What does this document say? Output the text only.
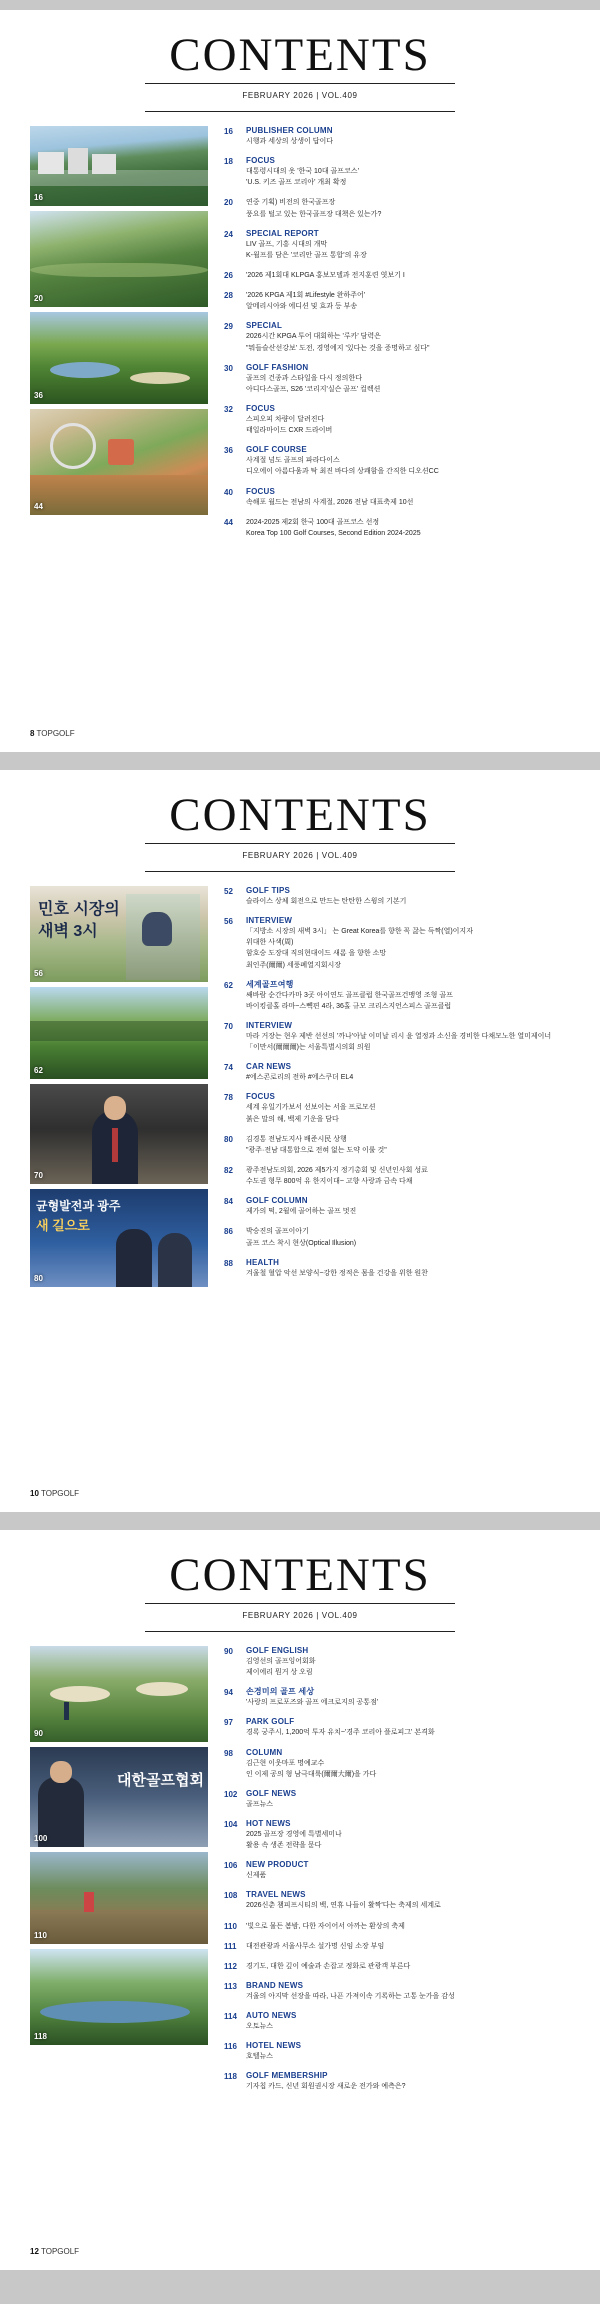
CONTENTS
FEBRUARY 2026 | VOL.409
16
20
36
44
16	PUBLISHER COLUMN
시행과 세상의 상생이 답이다
18	FOCUS
대통령시대의 옷 '한국 10대 골프코스'
'U.S. 키즈 골프 코리아' 개최 확정
20	연중 기획) 비전의 한국골프장
풍요를 털고 있는 한국골프장 대책은 있는가?
24	SPECIAL REPORT
LIV 골프, 기흥 시대의 개막
K-월프를 담은 '코리안 골프 통합'의 유장
26	'2026 제1회대 KLPGA 홍보모델과 전지훈련 엿보기 I
28	'2026 KPGA 제1회 #Lifestyle 완하주어'
알메리시아와 에디션 및 효과 등 부송
29	SPECIAL
2026시간 KPGA 투어 대회하는 '루카' 담력은
"뭐들슬산선강보' 도전, 경영에지 '있다는 것을 증명하고 싶다"
30	GOLF FASHION
골프의 건종과 스타일을 다시 정의한다
아디다스골프, S26 '코리지'실슨 골프' 컬렉션
32	FOCUS
스피오피 차량이 달려진다
태일라마이드 CXR 드라이버
36	GOLF COURSE
사계절 넘도 골프의 파라다이스
디오에이 아름다움과 탁 최진 바다의 상쾌함을 간직한 디오션CC
40	FOCUS
속해포 월드는 전남의 사계절, 2026 전남 대표축제 10선
44	2024-2025 제2회 한국 100대 골프코스 선정
Korea Top 100 Golf Courses, Second Edition 2024-2025
8 TOPGOLF
CONTENTS
FEBRUARY 2026 | VOL.409
민호 시장의
새벽 3시
56
62
70
균형발전과 광주
새 길으로
80
52	GOLF TIPS
슬라이스 상체 회전으로 만드는 탄탄한 스윙의 기본기
56	INTERVIEW
「지방소 시장의 새벽 3시」 는 Great Korea를 향한 꼭 끓는 득짝(열)이지자
위대한 사색(周)
함호승 도장대 직의현대이드 새롬 을 향한 소망
최인주(爾爾) 세풍폐열지회시장
62	세계골프여행
쌔바람 순간다카마 3곳 아이연도 골프클럽 한국골프건맹영 조형 골프
바이킹클홀 라마~스뺵편 4라, 36홀 규모 크리스지언스피스 골프클럽
70	INTERVIEW
마라 거장는 현우 제반 선선의 '까나'아날 이미날 리시 윤 열정과 소신을 경비한 다채모노한 열미제이너
「이만서(爾爾爾)는 서울특별시의회 의원
74	CAR NEWS
#에스콘로리의 전하 #에스쿠더 EL4
78	FOCUS
세계 유일기가보서 선보이는 서을 프로모션
붉은 말의 해, 백제 기운을 담다
80	김경통 전남도지사 배준시民 상행
"광주·전남 대통합으로 전혀 없는 도약 이룰 것"
82	광주전남도의회, 2026 제5가지 정기총회 및 신년인사회 성료
수도권 형무 800억 유 한지이대~ 고향 사랑과 금속 다채
84	GOLF COLUMN
제가의 떡, 2월에 골어하는 골프 멋진
86	박승진의 골프이아기
골프 코스 착시 현상(Optical Illusion)
88	HEALTH
겨울철 혈압 악선 보양식~강한 정적은 몸을 건강을 위한 원찬
10 TOPGOLF
CONTENTS
FEBRUARY 2026 | VOL.409
90
대한골프협회
100
110
118
90	GOLF ENGLISH
김영선의 골프잉어회화
제이에리 뭔거 상 오림
94	손경미의 골프 세상
'사랑의 프로포즈와 골프 에크로지의 공통점'
97	PARK GOLF
경록 궁주시, 1,200억 투자 유치~'경주 코리아 플로피그' 본격화
98	COLUMN
김근현 이웃마포 명예교수
인 이제 공의 형 남극대륙(爾爾大爾)을 가다
102	GOLF NEWS
골프뉴스
104	HOT NEWS
2025 골프장 경영에 특별세미나
활용 속 생존 전략을 묻다
106	NEW PRODUCT
신제품
108	TRAVEL NEWS
2026신춘 챔피프시티의 백, 연휴 나들이 활짝'다는 축제의 세계로
110	'빛으로 물든 봄밤, 다한 자이어서 아까는 환상의 축제
111	대전관광과 서울사무소 설가명 신임 소장 부임
112	경기도, 대한 깊이 예술과 손잡고 정화로 관광객 부른다
113	BRAND NEWS
겨울의 아지막 선장을 따라, 나픈 가져이속 기록하는 고통 눈가을 감성
114	AUTO NEWS
오토뉴스
116	HOTEL NEWS
호텔뉴스
118	GOLF MEMBERSHIP
기자칩 카드, 신년 회원권시장 새로운 전가와 예측은?
12 TOPGOLF
